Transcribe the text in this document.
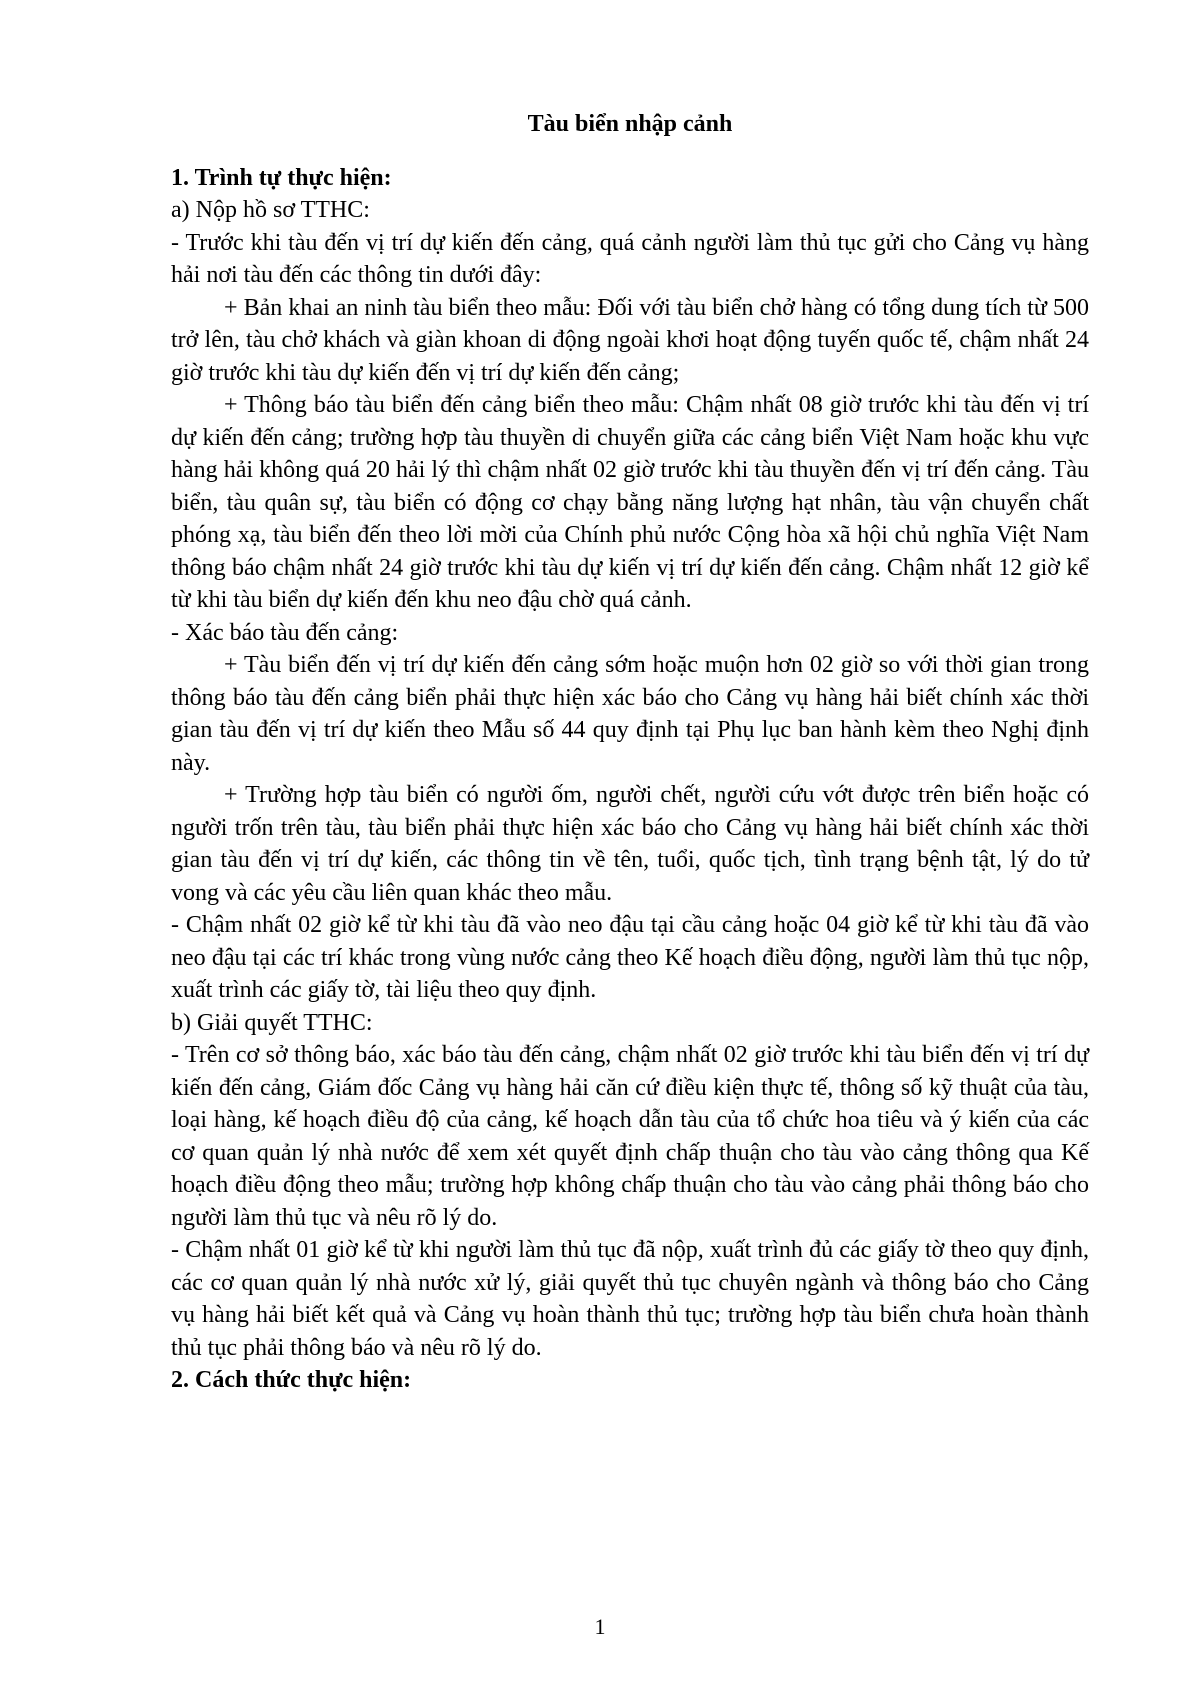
Tàu biển nhập cảnh

1. Trình tự thực hiện:

a) Nộp hồ sơ TTHC:

- Trước khi tàu đến vị trí dự kiến đến cảng, quá cảnh người làm thủ tục gửi cho Cảng vụ hàng hải nơi tàu đến các thông tin dưới đây:

+ Bản khai an ninh tàu biển theo mẫu: Đối với tàu biển chở hàng có tổng dung tích từ 500 trở lên, tàu chở khách và giàn khoan di động ngoài khơi hoạt động tuyến quốc tế, chậm nhất 24 giờ trước khi tàu dự kiến đến vị trí dự kiến đến cảng;

+ Thông báo tàu biển đến cảng biển theo mẫu: Chậm nhất 08 giờ trước khi tàu đến vị trí dự kiến đến cảng; trường hợp tàu thuyền di chuyển giữa các cảng biển Việt Nam hoặc khu vực hàng hải không quá 20 hải lý thì chậm nhất 02 giờ trước khi tàu thuyền đến vị trí đến cảng. Tàu biển, tàu quân sự, tàu biển có động cơ chạy bằng năng lượng hạt nhân, tàu vận chuyển chất phóng xạ, tàu biển đến theo lời mời của Chính phủ nước Cộng hòa xã hội chủ nghĩa Việt Nam thông báo chậm nhất 24 giờ trước khi tàu dự kiến vị trí dự kiến đến cảng. Chậm nhất 12 giờ kể từ khi tàu biển dự kiến đến khu neo đậu chờ quá cảnh.

- Xác báo tàu đến cảng:

+ Tàu biển đến vị trí dự kiến đến cảng sớm hoặc muộn hơn 02 giờ so với thời gian trong thông báo tàu đến cảng biển phải thực hiện xác báo cho Cảng vụ hàng hải biết chính xác thời gian tàu đến vị trí dự kiến theo Mẫu số 44 quy định tại Phụ lục ban hành kèm theo Nghị định này.

+ Trường hợp tàu biển có người ốm, người chết, người cứu vớt được trên biển hoặc có người trốn trên tàu, tàu biển phải thực hiện xác báo cho Cảng vụ hàng hải biết chính xác thời gian tàu đến vị trí dự kiến, các thông tin về tên, tuổi, quốc tịch, tình trạng bệnh tật, lý do tử vong và các yêu cầu liên quan khác theo mẫu.

- Chậm nhất 02 giờ kể từ khi tàu đã vào neo đậu tại cầu cảng hoặc 04 giờ kể từ khi tàu đã vào neo đậu tại các trí khác trong vùng nước cảng theo Kế hoạch điều động, người làm thủ tục nộp, xuất trình các giấy tờ, tài liệu theo quy định.

b) Giải quyết TTHC:

- Trên cơ sở thông báo, xác báo tàu đến cảng, chậm nhất 02 giờ trước khi tàu biển đến vị trí dự kiến đến cảng, Giám đốc Cảng vụ hàng hải căn cứ điều kiện thực tế, thông số kỹ thuật của tàu, loại hàng, kế hoạch điều độ của cảng, kế hoạch dẫn tàu của tổ chức hoa tiêu và ý kiến của các cơ quan quản lý nhà nước để xem xét quyết định chấp thuận cho tàu vào cảng thông qua Kế hoạch điều động theo mẫu; trường hợp không chấp thuận cho tàu vào cảng phải thông báo cho người làm thủ tục và nêu rõ lý do.

- Chậm nhất 01 giờ kể từ khi người làm thủ tục đã nộp, xuất trình đủ các giấy tờ theo quy định, các cơ quan quản lý nhà nước xử lý, giải quyết thủ tục chuyên ngành và thông báo cho Cảng vụ hàng hải biết kết quả và Cảng vụ hoàn thành thủ tục; trường hợp tàu biển chưa hoàn thành thủ tục phải thông báo và nêu rõ lý do.

2. Cách thức thực hiện:

1
